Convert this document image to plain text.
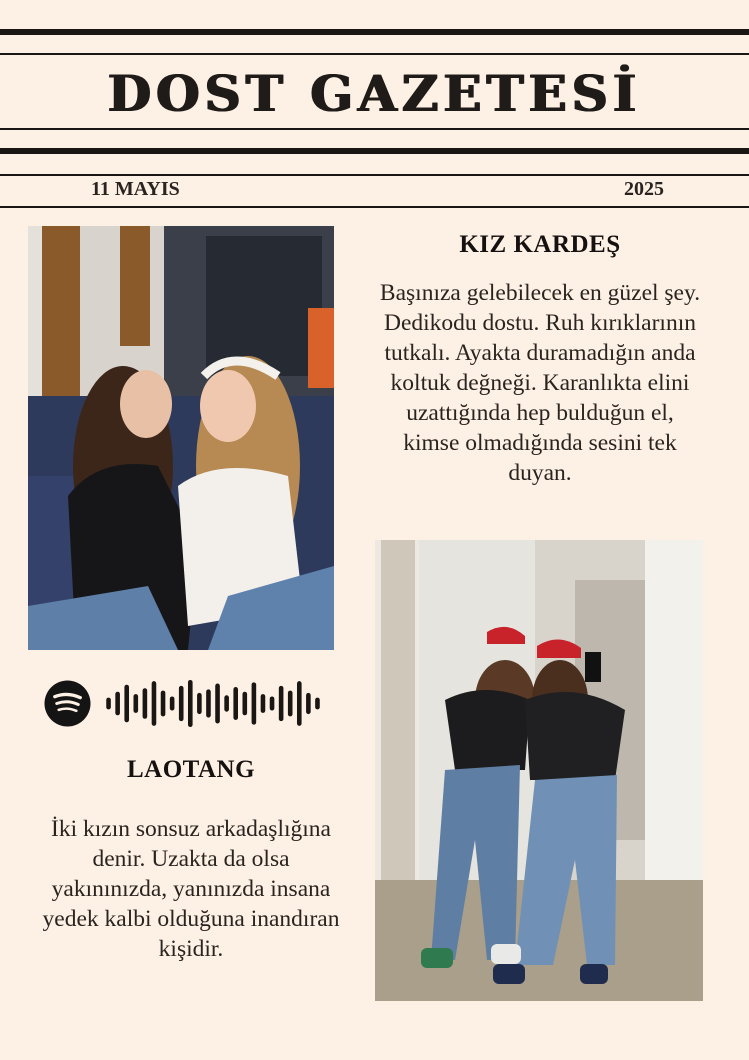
DOST GAZETESİ
11 MAYIS	2025
KIZ KARDEŞ

Başınıza gelebilecek en güzel şey. Dedikodu dostu. Ruh kırıklarının tutkalı. Ayakta duramadığın anda koltuk değneği. Karanlıkta elini uzattığında hep bulduğun el, kimse olmadığında sesini tek duyan.

LAOTANG

İki kızın sonsuz arkadaşlığına denir. Uzakta da olsa yakınınızda, yanınızda insana yedek kalbi olduğuna inandıran kişidir.
